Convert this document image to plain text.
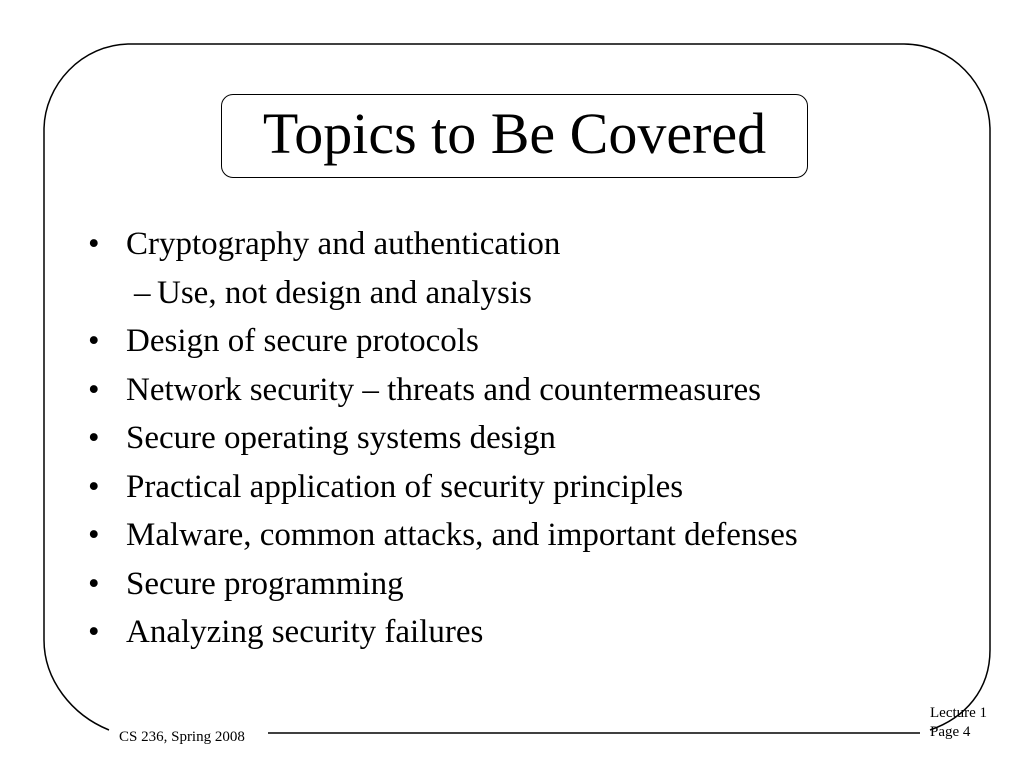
Topics to Be Covered
• Cryptography and authentication
– Use, not design and analysis
• Design of secure protocols
• Network security – threats and countermeasures
• Secure operating systems design
• Practical application of security principles
• Malware, common attacks, and important defenses
• Secure programming
• Analyzing security failures
CS 236, Spring 2008
Lecture 1
Page 4
